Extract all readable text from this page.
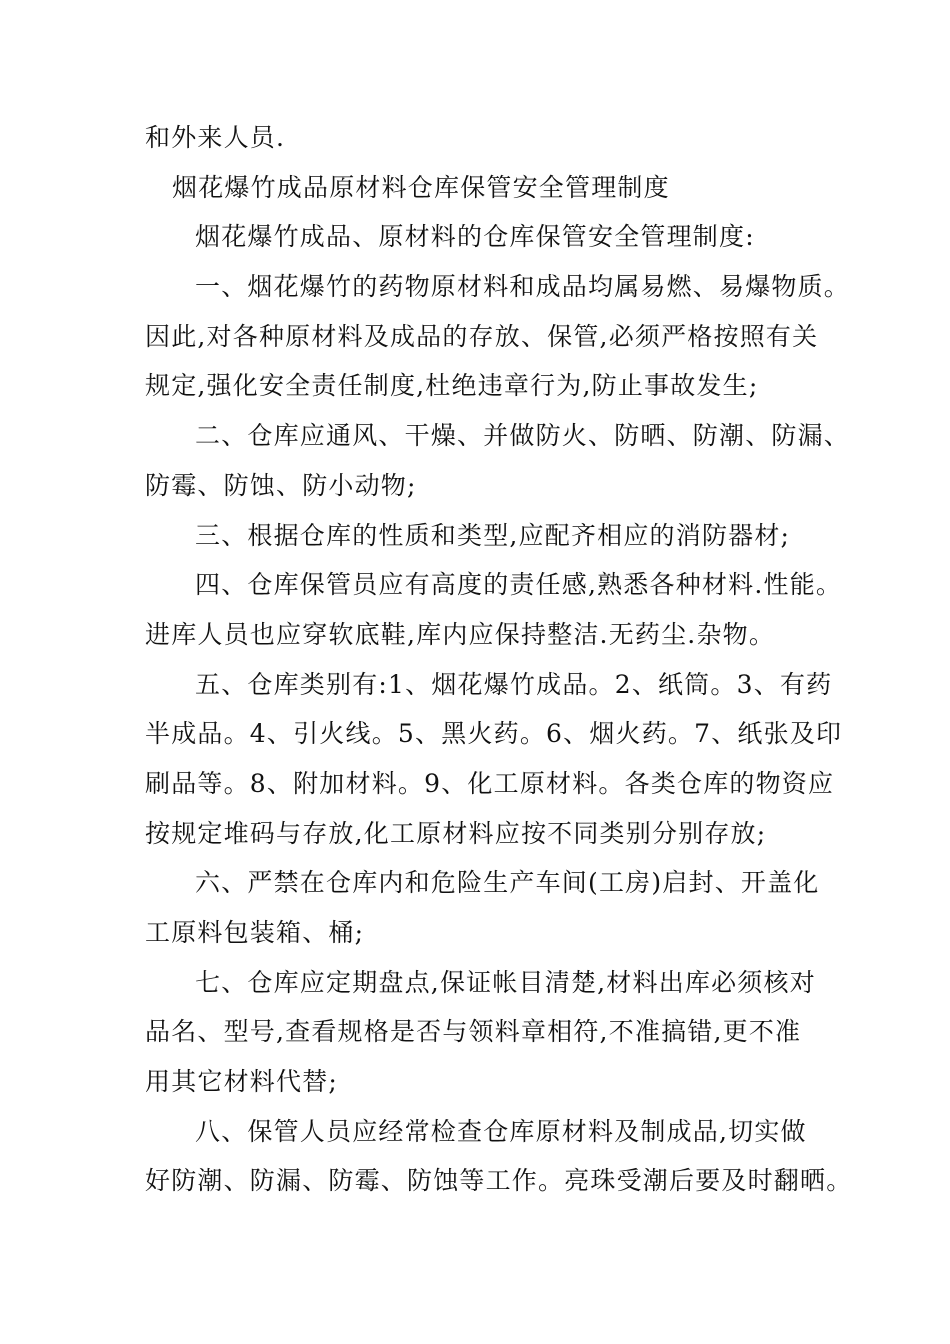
和外来人员.
烟花爆竹成品原材料仓库保管安全管理制度
烟花爆竹成品、原材料的仓库保管安全管理制度:
一、烟花爆竹的药物原材料和成品均属易燃、易爆物质。
因此,对各种原材料及成品的存放、保管,必须严格按照有关
规定,强化安全责任制度,杜绝违章行为,防止事故发生;
二、仓库应通风、干燥、并做防火、防晒、防潮、防漏、
防霉、防蚀、防小动物;
三、根据仓库的性质和类型,应配齐相应的消防器材;
四、仓库保管员应有高度的责任感,熟悉各种材料.性能。
进库人员也应穿软底鞋,库内应保持整洁.无药尘.杂物。
五、仓库类别有:1、烟花爆竹成品。2、纸筒。3、有药
半成品。4、引火线。5、黑火药。6、烟火药。7、纸张及印
刷品等。8、附加材料。9、化工原材料。各类仓库的物资应
按规定堆码与存放,化工原材料应按不同类别分别存放;
六、严禁在仓库内和危险生产车间(工房)启封、开盖化
工原料包装箱、桶;
七、仓库应定期盘点,保证帐目清楚,材料出库必须核对
品名、型号,查看规格是否与领料章相符,不准搞错,更不准
用其它材料代替;
八、保管人员应经常检查仓库原材料及制成品,切实做
好防潮、防漏、防霉、防蚀等工作。亮珠受潮后要及时翻晒。
